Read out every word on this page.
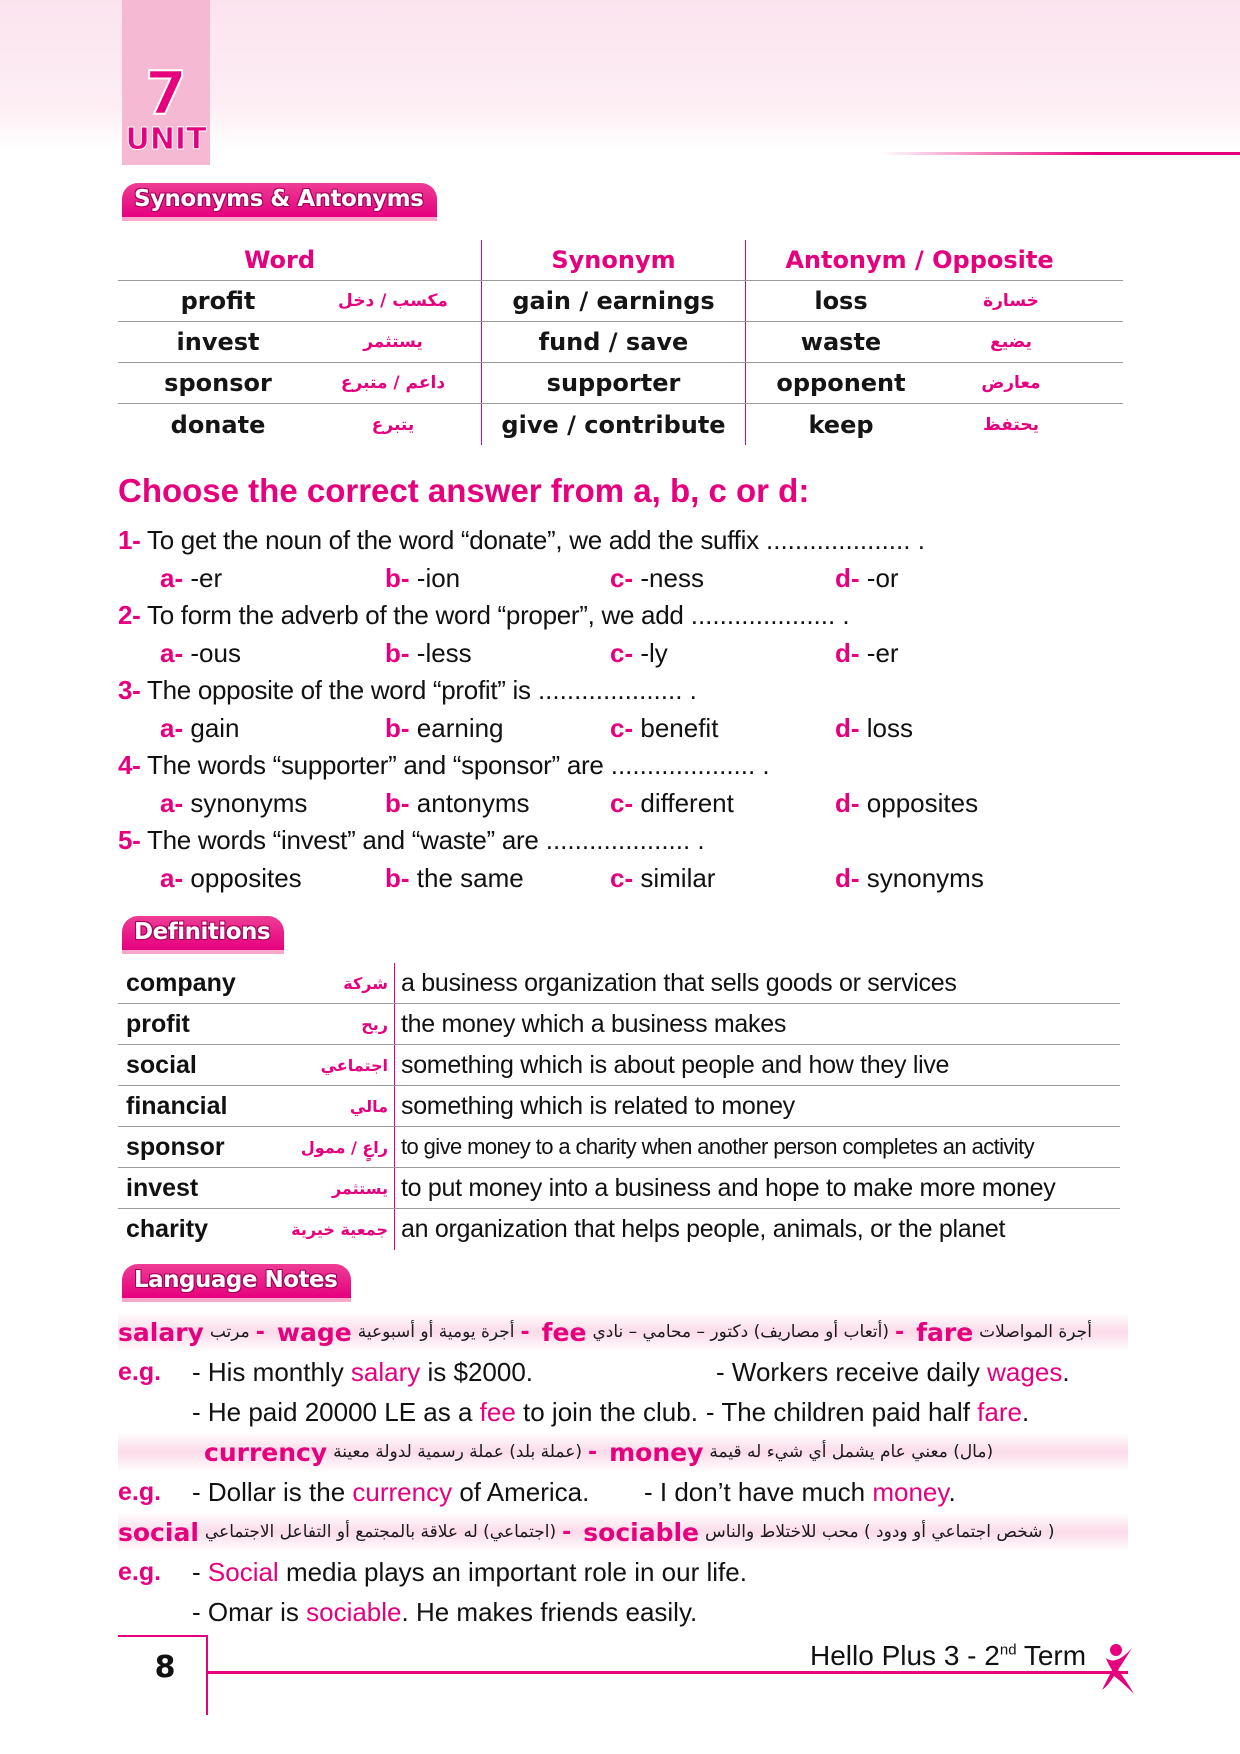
7
UNIT
Synonyms & Antonyms
Word	Synonym	Antonym / Opposite
profit	مكسب / دخل	gain / earnings	loss	خسارة
invest	يستثمر	fund / save	waste	يضيع
sponsor	داعم / متبرع	supporter	opponent	معارض
donate	يتبرع	give / contribute	keep	يحتفظ
Choose the correct answer from a, b, c or d:
1- To get the noun of the word “donate”, we add the suffix .................... .
a- -er	b- -ion	c- -ness	d- -or
2- To form the adverb of the word “proper”, we add .................... .
a- -ous	b- -less	c- -ly	d- -er
3- The opposite of the word “profit” is .................... .
a- gain	b- earning	c- benefit	d- loss
4- The words “supporter” and “sponsor” are .................... .
a- synonyms	b- antonyms	c- different	d- opposites
5- The words “invest” and “waste” are .................... .
a- opposites	b- the same	c- similar	d- synonyms
Definitions
company	شركة a business organization that sells goods or services
profit	ربح the money which a business makes
social	اجتماعي something which is about people and how they live
financial	مالي something which is related to money
sponsor	راعٍ / ممول to give money to a charity when another person completes an activity
invest	يستثمر to put money into a business and hope to make more money
charity	جمعية خيرية an organization that helps people, animals, or the planet
Language Notes
salary مرتب - wage أجرة يومية أو أسبوعية - fee (أتعاب أو مصاريف) دكتور – محامي – نادي - fare أجرة المواصلات
e.g.	- His monthly salary is $2000.	- Workers receive daily wages.
- He paid 20000 LE as a fee to join the club. - The children paid half fare.
currency (عملة بلد) عملة رسمية لدولة معينة - money (مال) معني عام يشمل أي شيء له قيمة
e.g.	- Dollar is the currency of America.	- I don’t have much money.
social (اجتماعي) له علاقة بالمجتمع أو التفاعل الاجتماعي - sociable ( شخص اجتماعي أو ودود ) محب للاختلاط والناس
e.g.	- Social media plays an important role in our life.
- Omar is sociable. He makes friends easily.
8	Hello Plus 3 - 2nd Term
